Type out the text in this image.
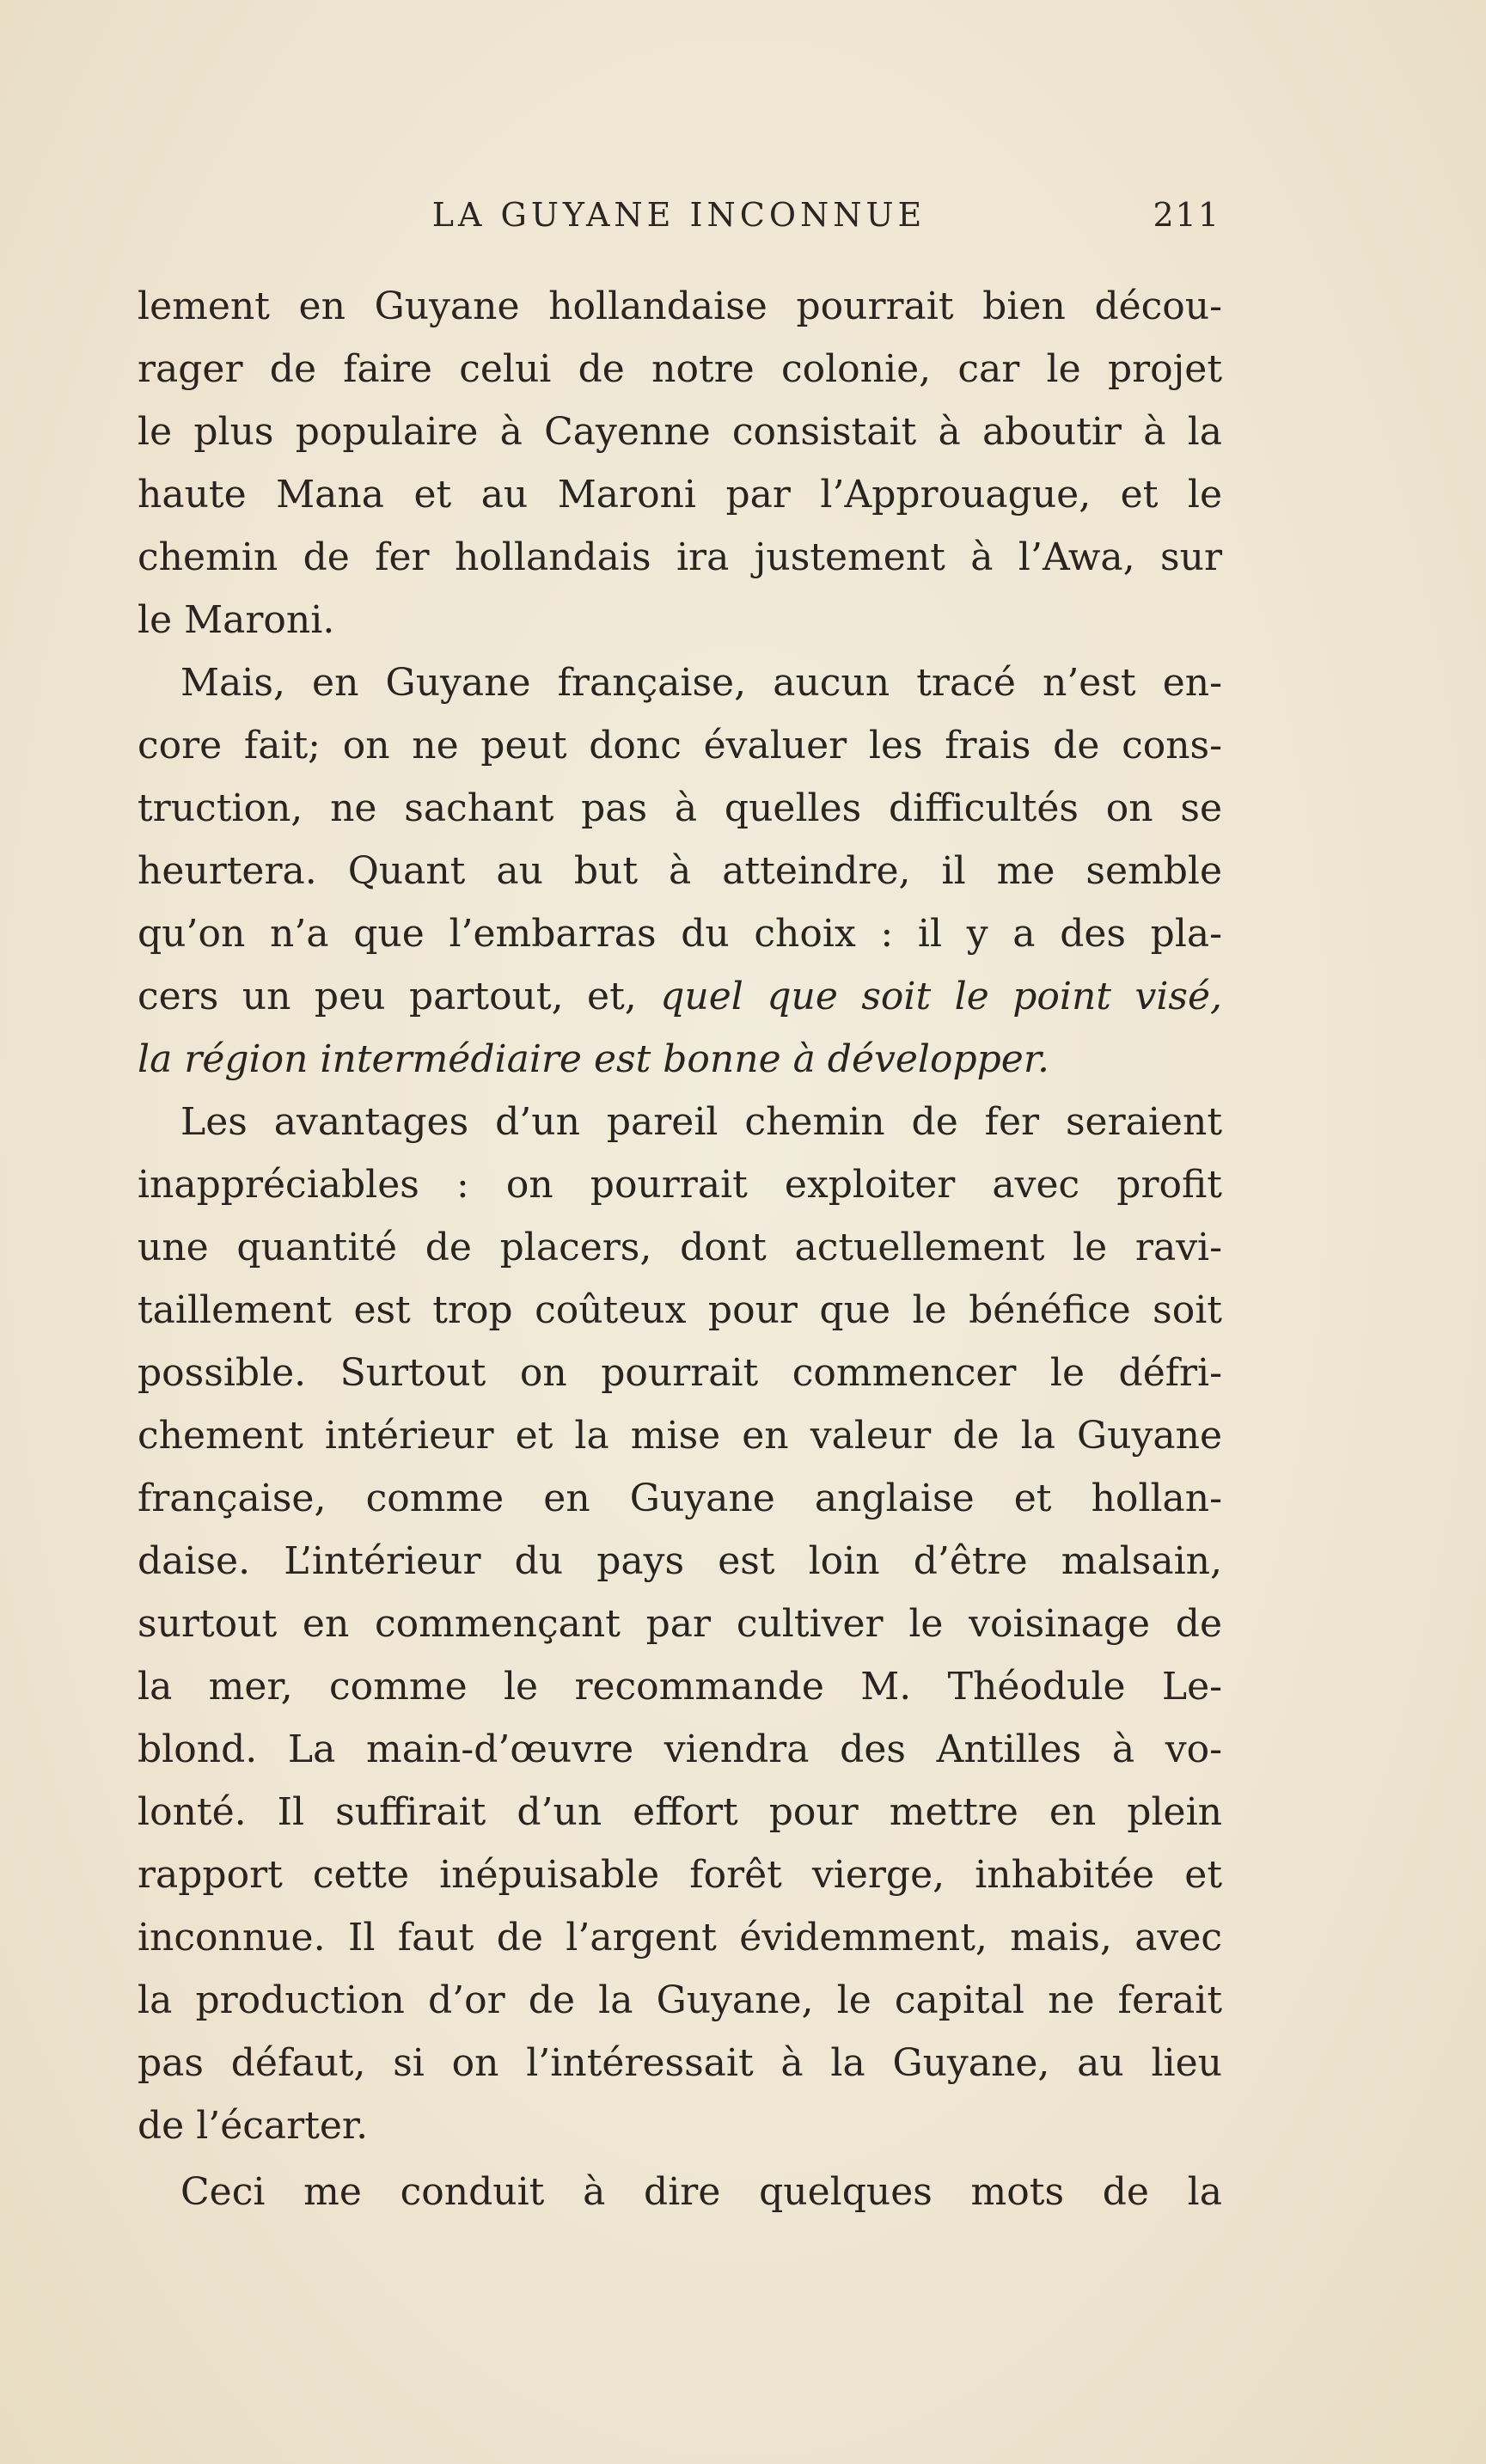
LA GUYANE INCONNUE	211
lement en Guyane hollandaise pourrait bien décou-
rager de faire celui de notre colonie, car le projet
le plus populaire à Cayenne consistait à aboutir à la
haute Mana et au Maroni par l’Approuague, et le
chemin de fer hollandais ira justement à l’Awa, sur
le Maroni.
Mais, en Guyane française, aucun tracé n’est en-
core fait; on ne peut donc évaluer les frais de cons-
truction, ne sachant pas à quelles difficultés on se
heurtera. Quant au but à atteindre, il me semble
qu’on n’a que l’embarras du choix : il y a des pla-
cers un peu partout, et, quel que soit le point visé,
la région intermédiaire est bonne à développer.
Les avantages d’un pareil chemin de fer seraient
inappréciables : on pourrait exploiter avec profit
une quantité de placers, dont actuellement le ravi-
taillement est trop coûteux pour que le bénéfice soit
possible. Surtout on pourrait commencer le défri-
chement intérieur et la mise en valeur de la Guyane
française, comme en Guyane anglaise et hollan-
daise. L’intérieur du pays est loin d’être malsain,
surtout en commençant par cultiver le voisinage de
la mer, comme le recommande M. Théodule Le-
blond. La main-d’œuvre viendra des Antilles à vo-
lonté. Il suffirait d’un effort pour mettre en plein
rapport cette inépuisable forêt vierge, inhabitée et
inconnue. Il faut de l’argent évidemment, mais, avec
la production d’or de la Guyane, le capital ne ferait
pas défaut, si on l’intéressait à la Guyane, au lieu
de l’écarter.
Ceci me conduit à dire quelques mots de la
